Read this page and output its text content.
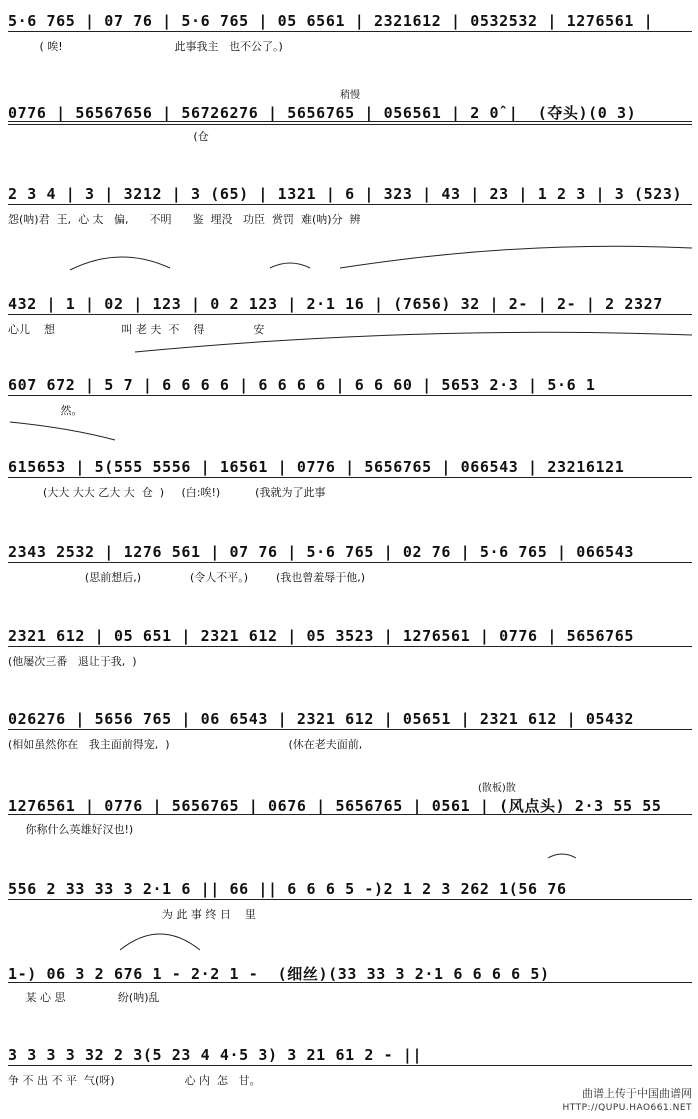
5·6 765 | 07 76 | 5·6 765 | 05 6561 | 2321612 | 0532532 | 1276561 |
( 唉!                                此事我主   也不公了。)
稍慢
0776 | 56567656 | 56726276 | 5656765 | 056561 | 2 0̂ |  (夺头)(0 3)
(仓
2 3 4 | 3 | 3212 | 3 (65) | 1321 | 6 | 323 | 43 | 23 | 1 2 3 | 3 (523)
怨(呐)君  王,  心 太   偏,      不明      鉴  埋没   功臣  赏罚  难(呐)分  辨
432 | 1 | 02 | 123 | 0 2 123 | 2·1 16 | (7656) 32 | 2- | 2- | 2 2327
心儿    想                   叫 老 夫  不    得              安
607 672 | 5 7 | 6 6 6 6 | 6 6 6 6 | 6 6 60 | 5653 2·3 | 5·6 1
然。
615653 | 5(555 5556 | 16561 | 0776 | 5656765 | 066543 | 23216121
(大大 大大 乙大 大  仓  )     (白:唉!)          (我就为了此事
2343 2532 | 1276 561 | 07 76 | 5·6 765 | 02 76 | 5·6 765 | 066543
(思前想后,)              (令人不平。)        (我也曾羞辱于他,)
2321 612 | 05 651 | 2321 612 | 05 3523 | 1276561 | 0776 | 5656765
(他屡次三番   退让于我,  )
026276 | 5656 765 | 06 6543 | 2321 612 | 05651 | 2321 612 | 05432
(相如虽然你在   我主面前得宠,  )                                  (休在老夫面前,
(散板)散
1276561 | 0776 | 5656765 | 0676 | 5656765 | 0561 | (风点头) 2·3 55 55
你称什么英雄好汉也!)
556 2 33 33 3 2·1 6 || 66 || 6 6 6 5 -)2 1 2 3 262 1(56 76
为 此 事 终 日    里
1-) 06 3 2 676 1 - 2·2 1 -  (细丝)(33 33 3 2·1 6 6 6 6 5)
某 心 思               纷(呐)乱
3 3 3 3 32 2 3(5 23 4 4·5 3) 3 21 61 2 - ||
争 不 出 不 平  气(呀)                    心 内  怎   甘。
曲谱上传于中国曲谱网
HTTP://QUPU.HAO661.NET
